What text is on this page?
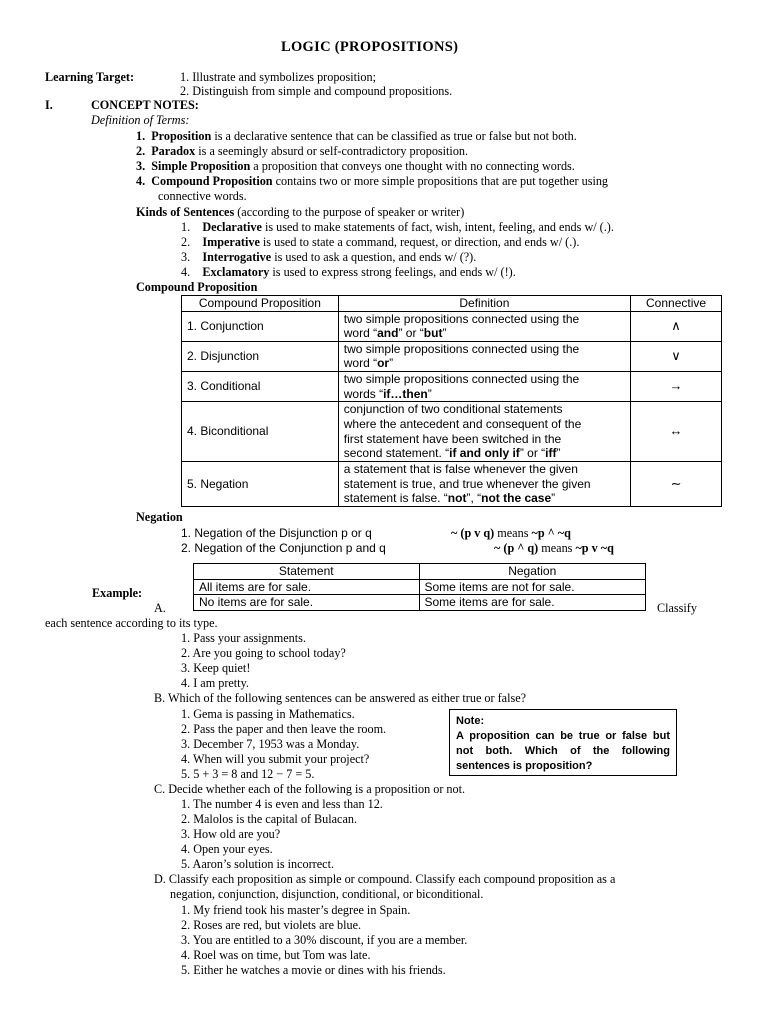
LOGIC (PROPOSITIONS)
Learning Target:	1. Illustrate and symbolizes proposition;
2. Distinguish from simple and compound propositions.
I.	CONCEPT NOTES:
Definition of Terms:
1. Proposition is a declarative sentence that can be classified as true or false but not both.
2. Paradox is a seemingly absurd or self-contradictory proposition.
3. Simple Proposition a proposition that conveys one thought with no connecting words.
4. Compound Proposition contains two or more simple propositions that are put together using
connective words.
Kinds of Sentences (according to the purpose of speaker or writer)
1. Declarative is used to make statements of fact, wish, intent, feeling, and ends w/ (.).
2. Imperative is used to state a command, request, or direction, and ends w/ (.).
3. Interrogative is used to ask a question, and ends w/ (?).
4. Exclamatory is used to express strong feelings, and ends w/ (!).
Compound Proposition
Compound Proposition	Definition	Connective
1. Conjunction	two simple propositions connected using the
word “and” or “but”	∧
2. Disjunction	two simple propositions connected using the
word “or”	∨
3. Conditional	two simple propositions connected using the
words “if…then”	→
4. Biconditional	conjunction of two conditional statements
where the antecedent and consequent of the
first statement have been switched in the
second statement. “if and only if” or “iff”	↔
5. Negation	a statement that is false whenever the given
statement is true, and true whenever the given
statement is false. “not”, “not the case”	∼
Negation
1. Negation of the Disjunction p or q	~ (p v q) means ~p ^ ~q
2. Negation of the Conjunction p and q	~ (p ^ q) means ~p v ~q
Statement	Negation
All items are for sale.	Some items are not for sale.
No items are for sale.	Some items are for sale.
Example:
A.	Classify
each sentence according to its type.
1. Pass your assignments.
2. Are you going to school today?
3. Keep quiet!
4. I am pretty.
B. Which of the following sentences can be answered as either true or false?
1. Gema is passing in Mathematics.
2. Pass the paper and then leave the room.
3. December 7, 1953 was a Monday.
4. When will you submit your project?
5. 5 + 3 = 8 and 12 − 7 = 5.
Note:
A proposition can be true or false but not both. Which of the following sentences is proposition?
C. Decide whether each of the following is a proposition or not.
1. The number 4 is even and less than 12.
2. Malolos is the capital of Bulacan.
3. How old are you?
4. Open your eyes.
5. Aaron’s solution is incorrect.
D. Classify each proposition as simple or compound. Classify each compound proposition as a
negation, conjunction, disjunction, conditional, or biconditional.
1. My friend took his master’s degree in Spain.
2. Roses are red, but violets are blue.
3. You are entitled to a 30% discount, if you are a member.
4. Roel was on time, but Tom was late.
5. Either he watches a movie or dines with his friends.
